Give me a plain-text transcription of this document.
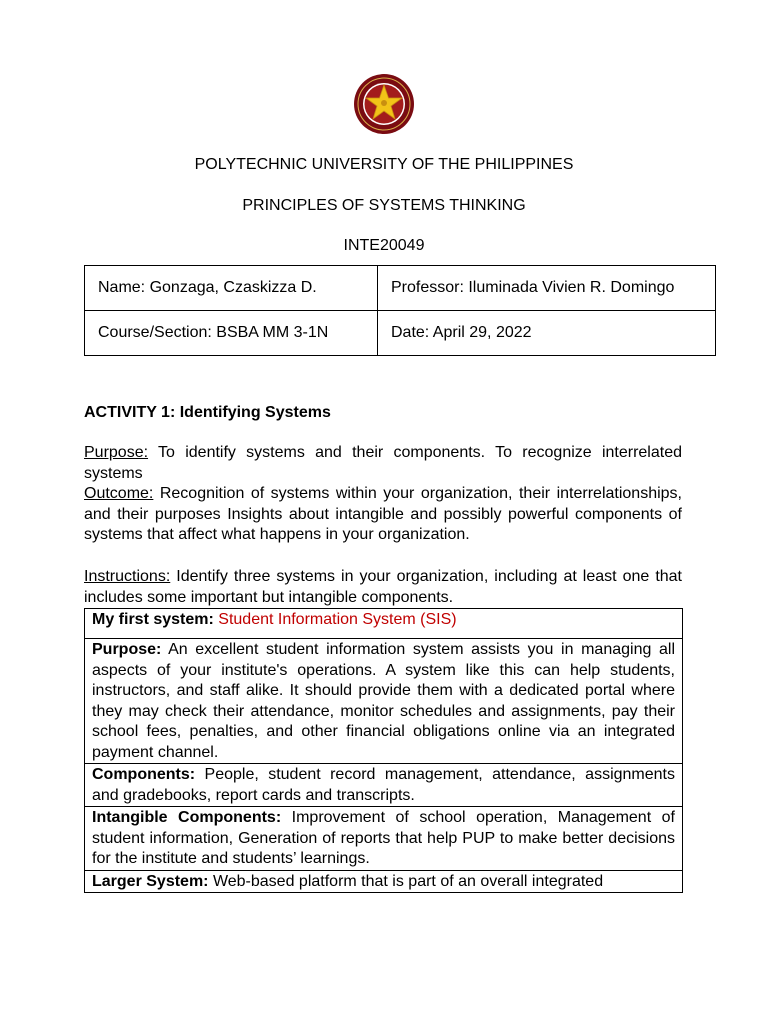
POLYTECHNIC UNIVERSITY OF THE PHILIPPINES
PRINCIPLES OF SYSTEMS THINKING
INTE20049
Name: Gonzaga, Czaskizza D.	Professor: Iluminada Vivien R. Domingo
Course/Section: BSBA MM 3-1N	Date: April 29, 2022
ACTIVITY 1: Identifying Systems
Purpose: To identify systems and their components. To recognize interrelated systems
Outcome: Recognition of systems within your organization, their interrelationships, and their purposes Insights about intangible and possibly powerful components of systems that affect what happens in your organization.
Instructions: Identify three systems in your organization, including at least one that includes some important but intangible components.
My first system: Student Information System (SIS)
Purpose: An excellent student information system assists you in managing all aspects of your institute's operations. A system like this can help students, instructors, and staff alike. It should provide them with a dedicated portal where they may check their attendance, monitor schedules and assignments, pay their school fees, penalties, and other financial obligations online via an integrated payment channel.
Components: People, student record management, attendance, assignments and gradebooks, report cards and transcripts.
Intangible Components: Improvement of school operation, Management of student information, Generation of reports that help PUP to make better decisions for the institute and students’ learnings.
Larger System: Web-based platform that is part of an overall integrated
